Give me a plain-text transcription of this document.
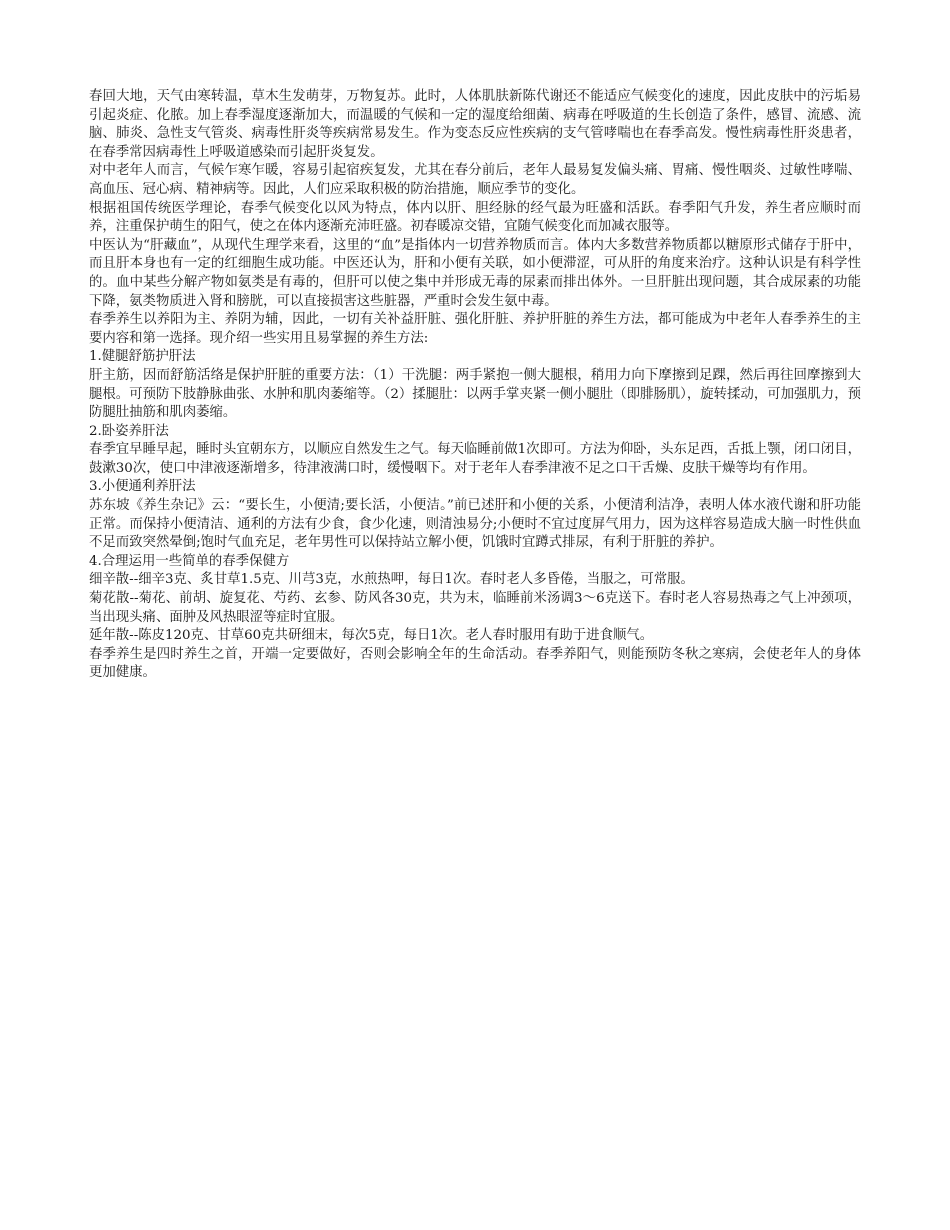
春回大地，天气由寒转温，草木生发萌芽，万物复苏。此时，人体肌肤新陈代谢还不能适应气候变化的速度，因此皮肤中的污垢易引起炎症、化脓。加上春季湿度逐渐加大，而温暖的气候和一定的湿度给细菌、病毒在呼吸道的生长创造了条件，感冒、流感、流脑、肺炎、急性支气管炎、病毒性肝炎等疾病常易发生。作为变态反应性疾病的支气管哮喘也在春季高发。慢性病毒性肝炎患者，在春季常因病毒性上呼吸道感染而引起肝炎复发。

对中老年人而言，气候乍寒乍暖，容易引起宿疾复发，尤其在春分前后，老年人最易复发偏头痛、胃痛、慢性咽炎、过敏性哮喘、高血压、冠心病、精神病等。因此，人们应采取积极的防治措施，顺应季节的变化。

根据祖国传统医学理论，春季气候变化以风为特点，体内以肝、胆经脉的经气最为旺盛和活跃。春季阳气升发，养生者应顺时而养，注重保护萌生的阳气，使之在体内逐渐充沛旺盛。初春暖凉交错，宜随气候变化而加减衣服等。

中医认为“肝藏血”，从现代生理学来看，这里的“血”是指体内一切营养物质而言。体内大多数营养物质都以糖原形式储存于肝中，而且肝本身也有一定的红细胞生成功能。中医还认为，肝和小便有关联，如小便滞涩，可从肝的角度来治疗。这种认识是有科学性的。血中某些分解产物如氨类是有毒的，但肝可以使之集中并形成无毒的尿素而排出体外。一旦肝脏出现问题，其合成尿素的功能下降，氨类物质进入肾和膀胱，可以直接损害这些脏器，严重时会发生氨中毒。

春季养生以养阳为主、养阴为辅，因此，一切有关补益肝脏、强化肝脏、养护肝脏的养生方法，都可能成为中老年人春季养生的主要内容和第一选择。现介绍一些实用且易掌握的养生方法:

1.健腿舒筋护肝法

肝主筋，因而舒筋活络是保护肝脏的重要方法：（1）干洗腿：两手紧抱一侧大腿根，稍用力向下摩擦到足踝，然后再往回摩擦到大腿根。可预防下肢静脉曲张、水肿和肌肉萎缩等。（2）揉腿肚：以两手掌夹紧一侧小腿肚（即腓肠肌），旋转揉动，可加强肌力，预防腿肚抽筋和肌肉萎缩。

2.卧姿养肝法

春季宜早睡早起，睡时头宜朝东方，以顺应自然发生之气。每天临睡前做1次即可。方法为仰卧，头东足西，舌抵上颚，闭口闭目，鼓漱30次，使口中津液逐渐增多，待津液满口时，缓慢咽下。对于老年人春季津液不足之口干舌燥、皮肤干燥等均有作用。

3.小便通利养肝法

苏东坡《养生杂记》云：“要长生，小便清;要长活，小便洁。”前已述肝和小便的关系，小便清利洁净，表明人体水液代谢和肝功能正常。而保持小便清洁、通利的方法有少食，食少化速，则清浊易分;小便时不宜过度屏气用力，因为这样容易造成大脑一时性供血不足而致突然晕倒;饱时气血充足，老年男性可以保持站立解小便，饥饿时宜蹲式排尿，有利于肝脏的养护。

4.合理运用一些简单的春季保健方

细辛散--细辛3克、炙甘草1.5克、川芎3克，水煎热呷，每日1次。春时老人多昏倦，当服之，可常服。

菊花散--菊花、前胡、旋复花、芍药、玄参、防风各30克，共为末，临睡前米汤调3～6克送下。春时老人容易热毒之气上冲颈项，当出现头痛、面肿及风热眼涩等症时宜服。

延年散--陈皮120克、甘草60克共研细末，每次5克，每日1次。老人春时服用有助于进食顺气。

春季养生是四时养生之首，开端一定要做好，否则会影响全年的生命活动。春季养阳气，则能预防冬秋之寒病，会使老年人的身体更加健康。
